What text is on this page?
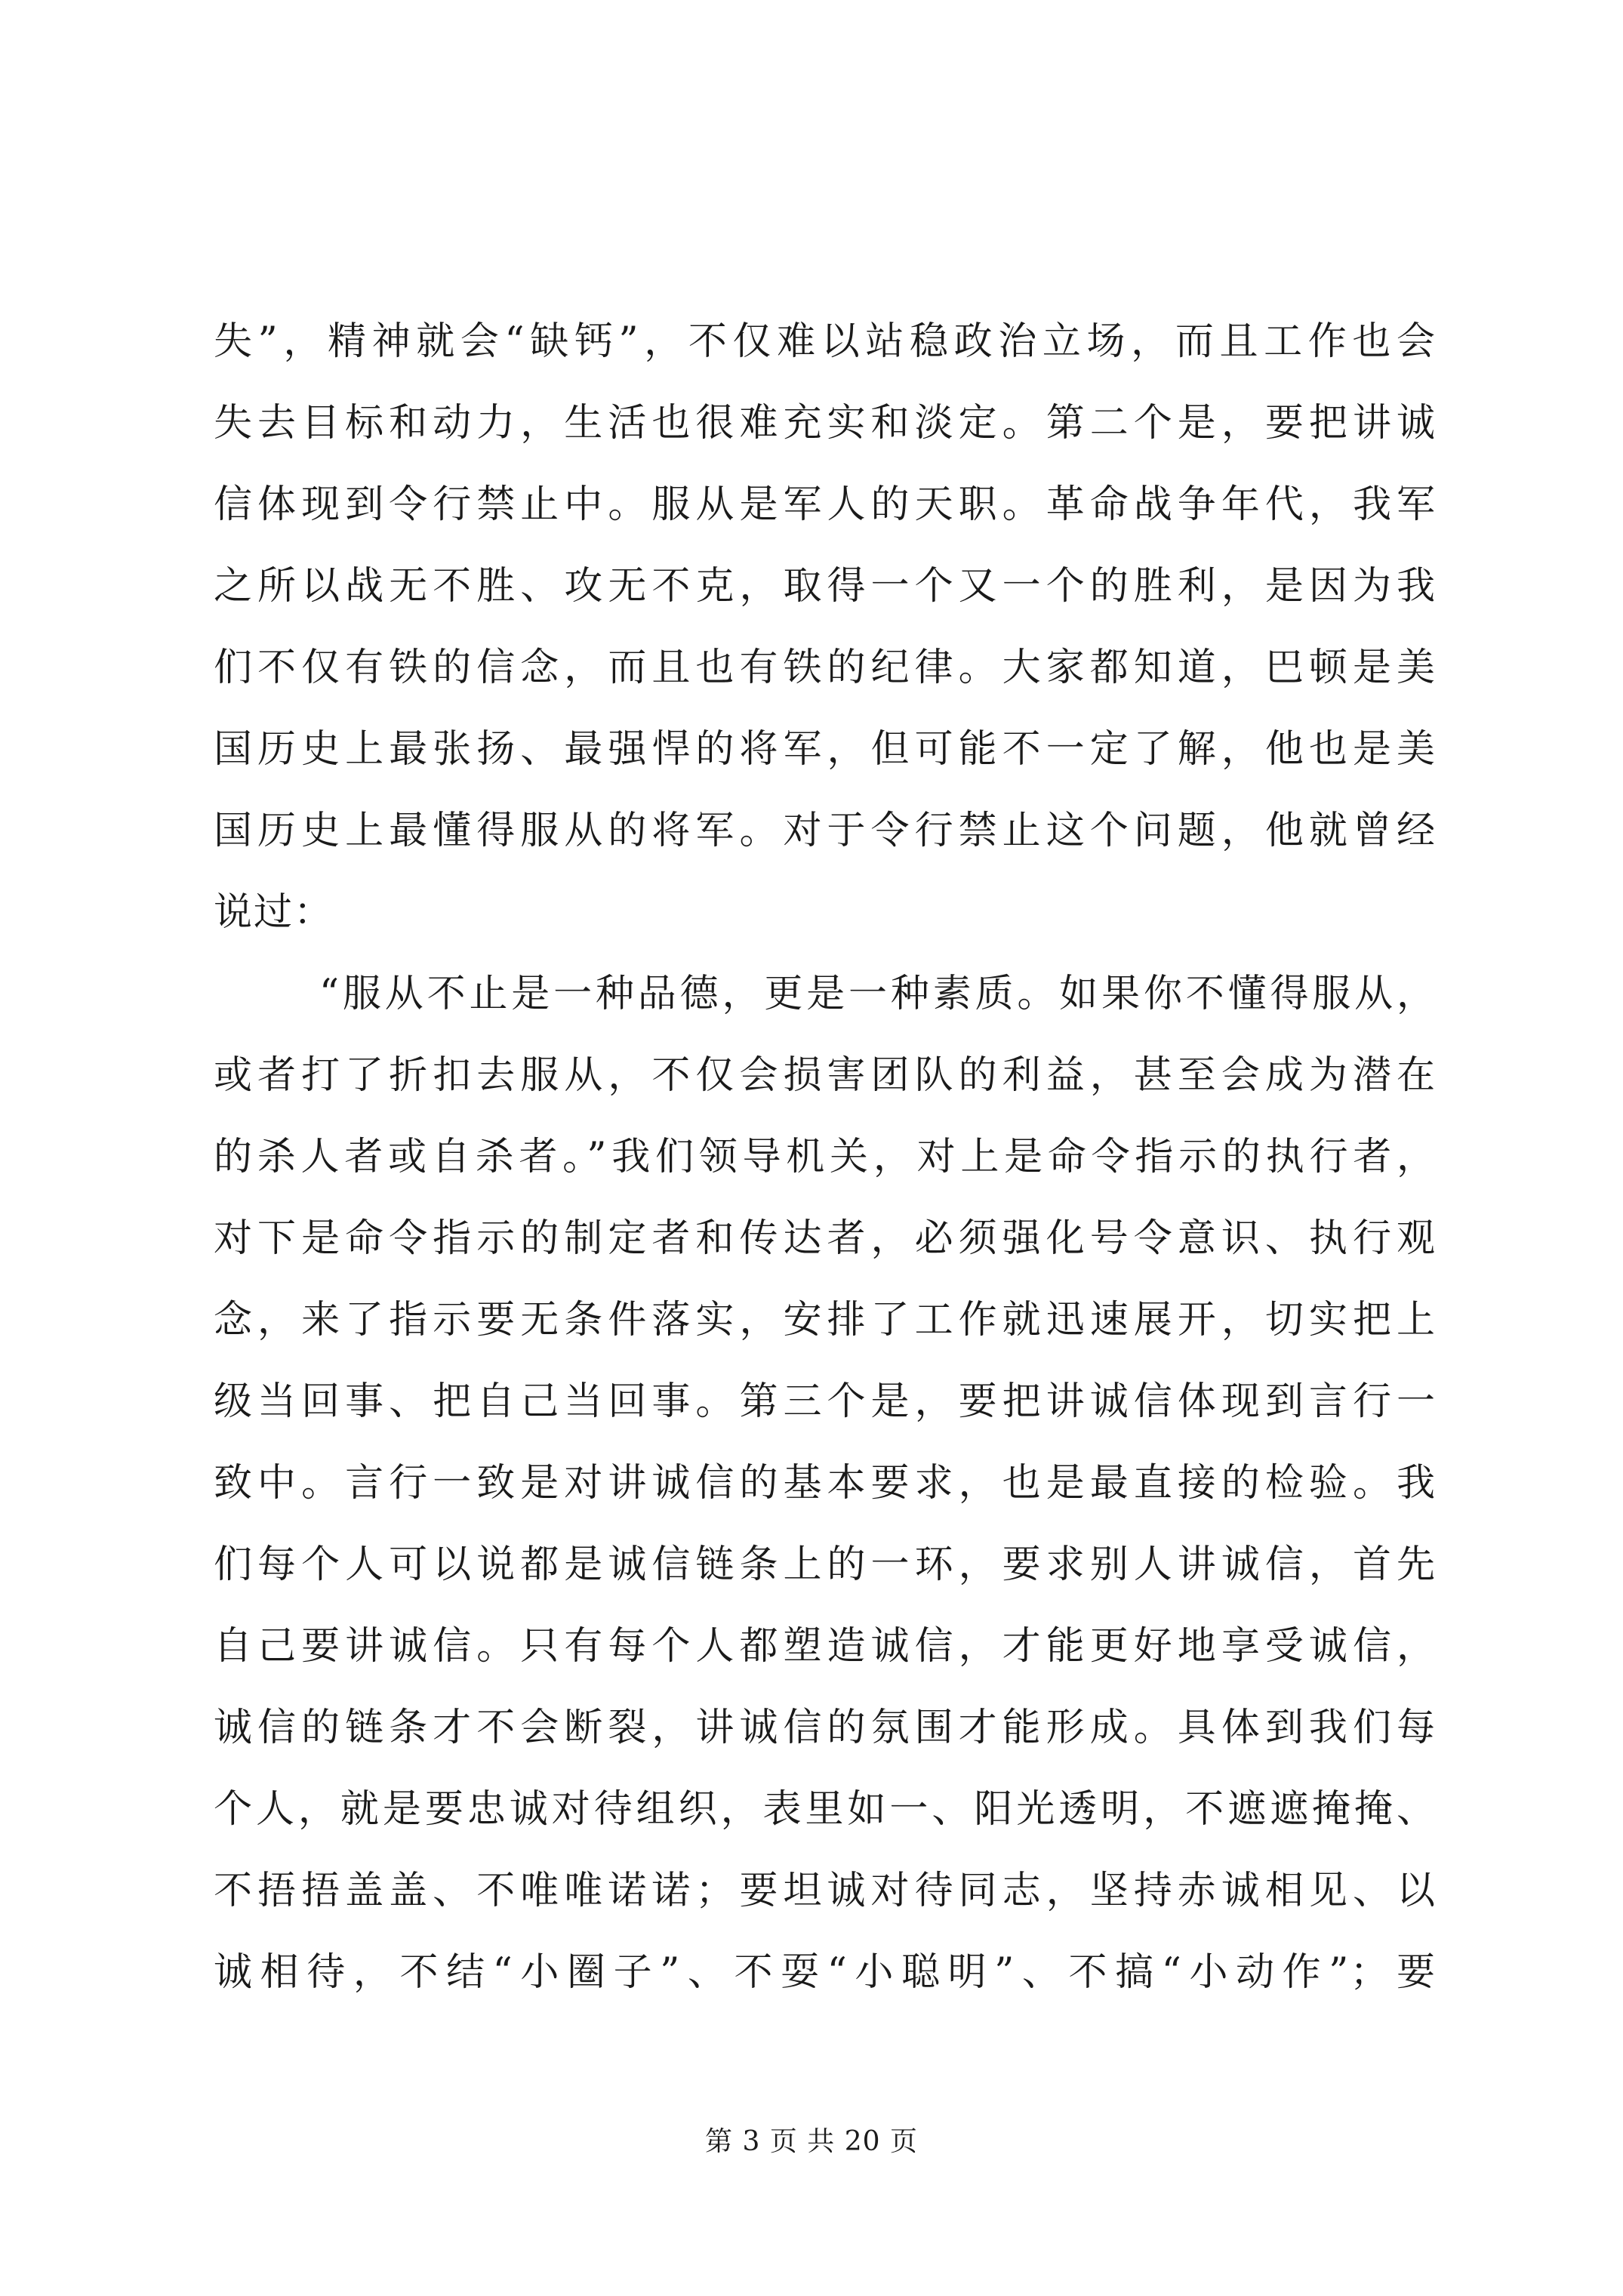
失”，精神就会“缺钙”，不仅难以站稳政治立场，而且工作也会
失去目标和动力，生活也很难充实和淡定。第二个是，要把讲诚
信体现到令行禁止中。服从是军人的天职。革命战争年代，我军
之所以战无不胜、攻无不克，取得一个又一个的胜利，是因为我
们不仅有铁的信念，而且也有铁的纪律。大家都知道，巴顿是美
国历史上最张扬、最强悍的将军，但可能不一定了解，他也是美
国历史上最懂得服从的将军。对于令行禁止这个问题，他就曾经
说过：
“服从不止是一种品德，更是一种素质。如果你不懂得服从，
或者打了折扣去服从，不仅会损害团队的利益，甚至会成为潜在
的杀人者或自杀者。”我们领导机关，对上是命令指示的执行者，
对下是命令指示的制定者和传达者，必须强化号令意识、执行观
念，来了指示要无条件落实，安排了工作就迅速展开，切实把上
级当回事、把自己当回事。第三个是，要把讲诚信体现到言行一
致中。言行一致是对讲诚信的基本要求，也是最直接的检验。我
们每个人可以说都是诚信链条上的一环，要求别人讲诚信，首先
自己要讲诚信。只有每个人都塑造诚信，才能更好地享受诚信，
诚信的链条才不会断裂，讲诚信的氛围才能形成。具体到我们每
个人，就是要忠诚对待组织，表里如一、阳光透明，不遮遮掩掩、
不捂捂盖盖、不唯唯诺诺；要坦诚对待同志，坚持赤诚相见、以
诚相待，不结“小圈子”、不耍“小聪明”、不搞“小动作”；要
第 3 页 共 20 页
